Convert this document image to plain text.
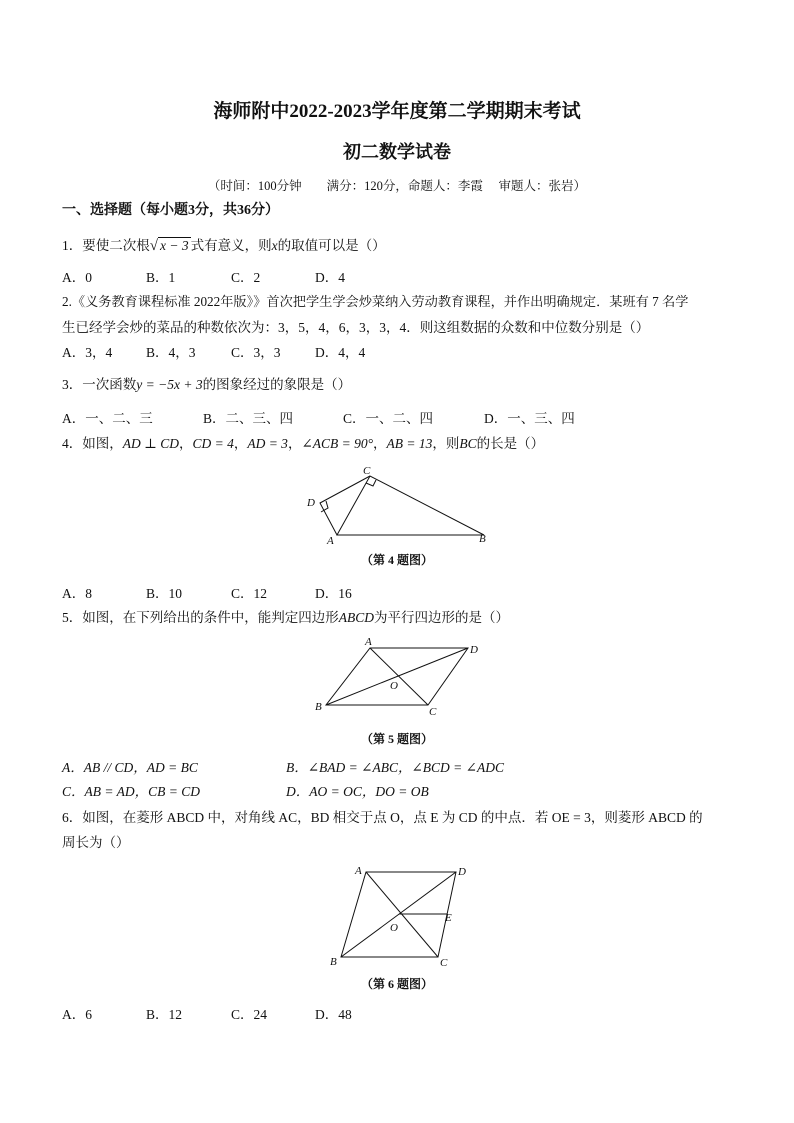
海师附中2022-2023学年度第二学期期末考试
初二数学试卷
（时间：100分钟　　满分：120分，命题人：李霞　 审题人：张岩）
一、选择题（每小题3分，共36分）
1．要使二次根√ x − 3 式有意义，则x的取值可以是（）
A．0	B．1	C．2	D．4
2.《义务教育课程标准 2022年版》》首次把学生学会炒菜纳入劳动教育课程，并作出明确规定．某班有 7 名学
生已经学会炒的菜品的种数依次为：3，5，4，6，3，3，4．则这组数据的众数和中位数分别是（）
A．3，4	B．4，3	C．3，3	D．4，4
3．一次函数y = −5x + 3的图象经过的象限是（）
A．一、二、三	B．二、三、四	C．一、二、四	D．一、三、四
4．如图，AD ⊥ CD，CD = 4，AD = 3，∠ACB = 90°，AB = 13，则BC的长是（）
C
D
A	B
（第 4 题图）
A．8	B．10	C．12	D．16
5．如图，在下列给出的条件中，能判定四边形ABCD为平行四边形的是（）
A
D
O
B	C
（第 5 题图）
A．AB // CD，AD = BC	B．∠BAD = ∠ABC，∠BCD = ∠ADC
C．AB = AD，CB = CD	D．AO = OC，DO = OB
6．如图，在菱形 ABCD 中，对角线 AC，BD 相交于点 O，点 E 为 CD 的中点．若 OE = 3，则菱形 ABCD 的
周长为（）
A	D
E
O
B	C
（第 6 题图）
A．6	B．12	C．24	D．48
